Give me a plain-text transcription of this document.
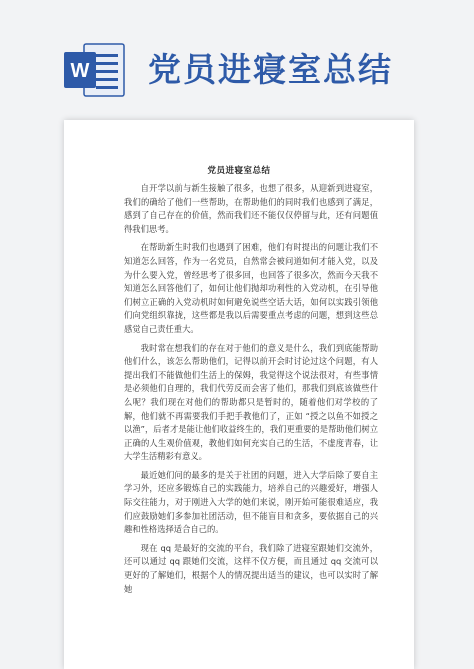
W 党员进寝室总结
党员进寝室总结

自开学以前与新生接触了很多，也想了很多，从迎新到进寝室，我们的确给了他们一些帮助，在帮助他们的同时我们也感到了满足，感到了自己存在的价值，然而我们还不能仅仅停留与此，还有问题值得我们思考。

在帮助新生时我们也遇到了困难，他们有时提出的问题让我们不知道怎么回答，作为一名党员，自然常会被问道如何才能入党，以及为什么要入党，曾经思考了很多回，也回答了很多次，然而今天我不知道怎么回答他们了，如何让他们抛却功利性的入党动机，在引导他们树立正确的入党动机时如何避免说些空话大话，如何以实践引领他们向党组织靠拢，这些都是我以后需要重点考虑的问题，想到这些总感觉自己责任重大。

我时常在想我们的存在对于他们的意义是什么，我们到底能帮助他们什么，该怎么帮助他们，记得以前开会时讨论过这个问题，有人提出我们不能做他们生活上的保姆，我觉得这个说法很对，有些事情是必须他们自理的，我们代劳反而会害了他们，那我们到底该做些什么呢？我们现在对他们的帮助都只是暂时的，随着他们对学校的了解，他们就不再需要我们手把手教他们了，正如 “授之以鱼不如授之以渔”，后者才是能让他们收益终生的，我们更重要的是帮助他们树立正确的人生观价值观，教他们如何充实自己的生活，不虚度青春，让大学生活精彩有意义。

最近她们问的最多的是关于社团的问题，进入大学后除了要自主学习外，还应多锻炼自己的实践能力，培养自己的兴趣爱好，增强人际交往能力，对于刚进入大学的她们来说，刚开始可能很难适应，我们应鼓励她们多参加社团活动，但不能盲目和贪多，要依据自己的兴趣和性格选择适合自己的。

现在 qq 是最好的交流的平台，我们除了进寝室跟她们交流外，还可以通过 qq 跟她们交流，这样不仅方便，而且通过 qq 交流可以更好的了解她们，根据个人的情况提出适当的建议，也可以实时了解她
